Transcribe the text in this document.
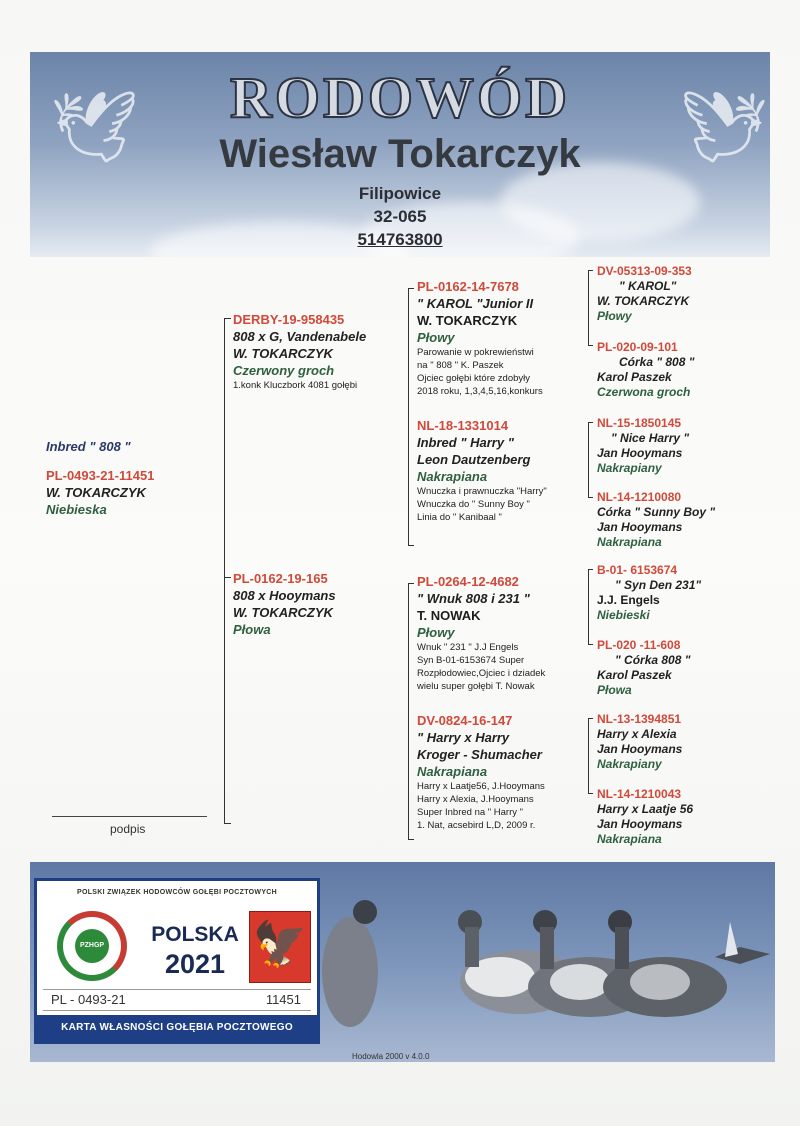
🕊	🕊
RODOWÓD
Wiesław Tokarczyk
Filipowice
32-065
514763800
Inbred " 808 "
PL-0493-21-11451
W. TOKARCZYK
Niebieska
podpis
DERBY-19-958435
808 x G, Vandenabele
W. TOKARCZYK
Czerwony groch
1.konk Kluczbork 4081 gołębi
PL-0162-19-165
808 x Hooymans
W. TOKARCZYK
Płowa
PL-0162-14-7678
" KAROL "Junior II
W. TOKARCZYK
Płowy
Parowanie w pokrewieństwi
na " 808 " K. Paszek
Ojciec gołębi które zdobyły
2018 roku, 1,3,4,5,16,konkurs
NL-18-1331014
Inbred " Harry "
Leon Dautzenberg
Nakrapiana
Wnuczka i prawnuczka "Harry"
Wnuczka do " Sunny Boy "
Linia do " Kanibaal "
PL-0264-12-4682
" Wnuk 808 i 231 "
T. NOWAK
Płowy
Wnuk " 231 " J.J Engels
Syn B-01-6153674 Super
Rozpłodowiec,Ojciec i dziadek
wielu super gołębi T. Nowak
DV-0824-16-147
" Harry x Harry
Kroger - Shumacher
Nakrapiana
Harry x Laatje56, J.Hooymans
Harry x Alexia, J.Hooymans
Super Inbred na " Harry "
1. Nat, acsebird L,D, 2009 r.
DV-05313-09-353
" KAROL"
W. TOKARCZYK
Płowy
PL-020-09-101
Córka " 808 "
Karol Paszek
Czerwona groch
NL-15-1850145
" Nice Harry "
Jan Hooymans
Nakrapiany
NL-14-1210080
Córka " Sunny Boy "
Jan Hooymans
Nakrapiana
B-01- 6153674
" Syn Den 231"
J.J. Engels
Niebieski
PL-020 -11-608
" Córka 808 "
Karol Paszek
Płowa
NL-13-1394851
Harry x Alexia
Jan Hooymans
Nakrapiany
NL-14-1210043
Harry x Laatje 56
Jan Hooymans
Nakrapiana
POLSKI ZWIĄZEK HODOWCÓW GOŁĘBI POCZTOWYCH
PZHGP POLSKA
2021 🦅
PL - 0493-21	11451
KARTA WŁASNOŚCI GOŁĘBIA POCZTOWEGO
Hodowla 2000 v 4.0.0
